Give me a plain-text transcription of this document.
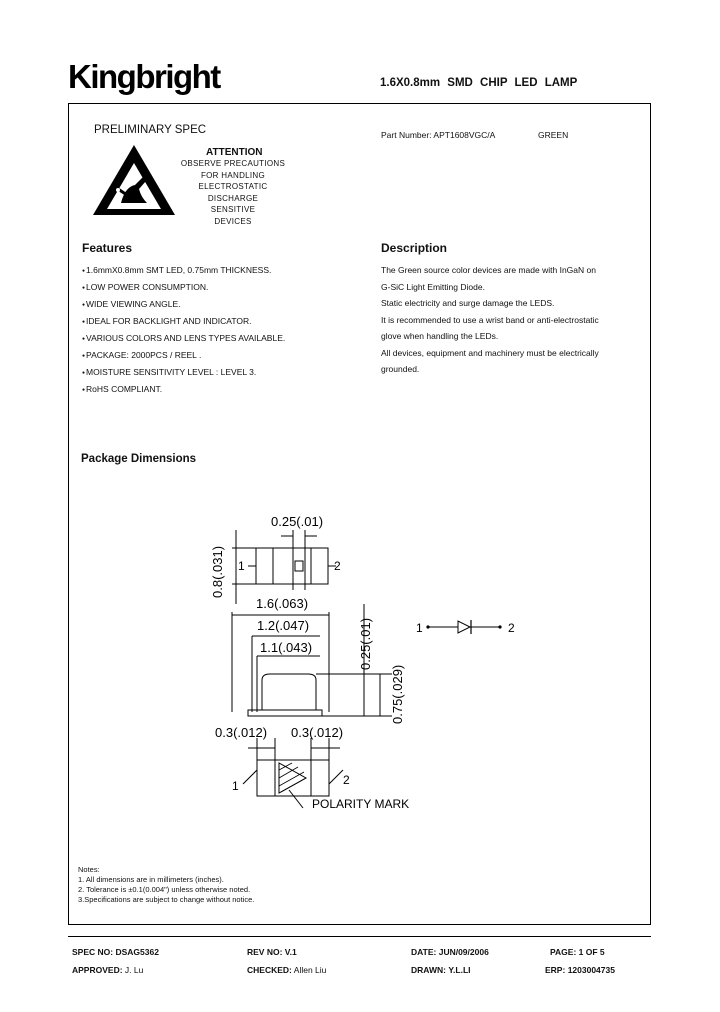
Kingbright	1.6X0.8mm SMD CHIP LED LAMP
PRELIMINARY SPEC	Part Number: APT1608VGC/A	GREEN
ATTENTION
OBSERVE PRECAUTIONS
FOR HANDLING
ELECTROSTATIC
DISCHARGE
SENSITIVE
DEVICES
Features
● 1.6mmX0.8mm SMT LED, 0.75mm THICKNESS.
● LOW POWER CONSUMPTION.
● WIDE VIEWING ANGLE.
● IDEAL FOR BACKLIGHT AND INDICATOR.
● VARIOUS COLORS AND LENS TYPES AVAILABLE.
● PACKAGE: 2000PCS / REEL .
● MOISTURE SENSITIVITY LEVEL : LEVEL 3.
● RoHS COMPLIANT.
Description
The Green source color devices are made with InGaN on
G-SiC Light Emitting Diode.
Static electricity and surge damage the LEDS.
It is recommended to use a wrist band or anti-electrostatic
glove when handling the LEDs.
All devices, equipment and machinery must be electrically
grounded.
Package Dimensions
0.25(.01)
0.8(.031) 1	2
1.6(.063)
1.2(.047)
1.1(.043)	0.25(.01)
0.75(.029)
0.3(.012) 0.3(.012)
1	2
POLARITY MARK
1	2
Notes:
1. All dimensions are in millimeters (inches).
2. Tolerance is ±0.1(0.004") unless otherwise noted.
3.Specifications are subject to change without notice.
SPEC NO: DSAG5362	REV NO: V.1	DATE: JUN/09/2006	PAGE: 1 OF 5
APPROVED: J. Lu	CHECKED: Allen Liu	DRAWN: Y.L.LI	ERP: 1203004735
